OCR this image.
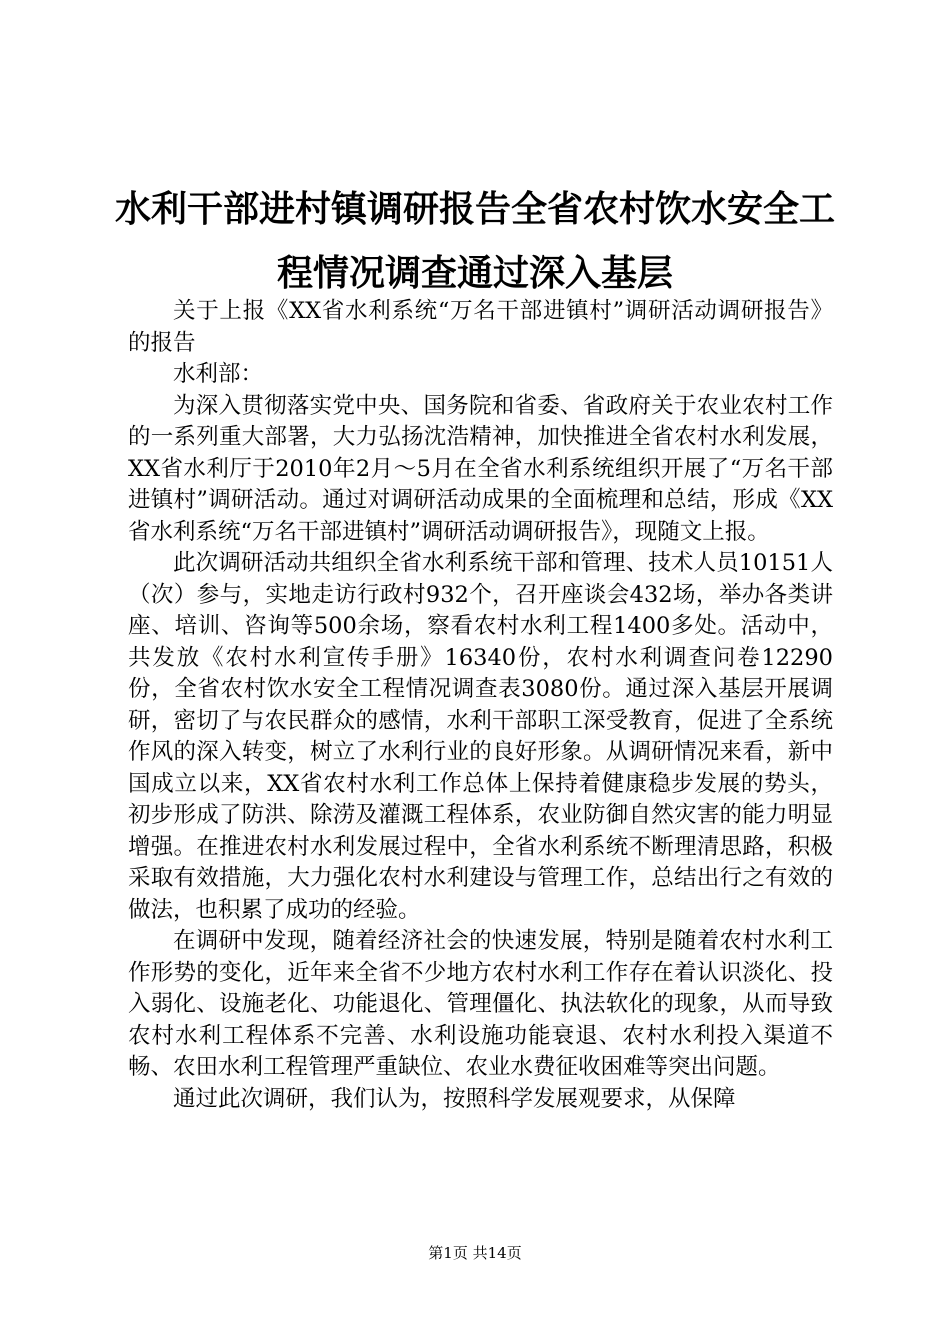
水利干部进村镇调研报告全省农村饮水安全工程情况调查通过深入基层

关于上报《XX省水利系统“万名干部进镇村”调研活动调研报告》的报告

水利部：

为深入贯彻落实党中央、国务院和省委、省政府关于农业农村工作的一系列重大部署，大力弘扬沈浩精神，加快推进全省农村水利发展，XX省水利厅于2010年2月～5月在全省水利系统组织开展了“万名干部进镇村”调研活动。通过对调研活动成果的全面梳理和总结，形成《XX省水利系统“万名干部进镇村”调研活动调研报告》，现随文上报。

此次调研活动共组织全省水利系统干部和管理、技术人员10151人（次）参与，实地走访行政村932个，召开座谈会432场，举办各类讲座、培训、咨询等500余场，察看农村水利工程1400多处。活动中，共发放《农村水利宣传手册》16340份，农村水利调查问卷12290份，全省农村饮水安全工程情况调查表3080份。通过深入基层开展调研，密切了与农民群众的感情，水利干部职工深受教育，促进了全系统作风的深入转变，树立了水利行业的良好形象。从调研情况来看，新中国成立以来，XX省农村水利工作总体上保持着健康稳步发展的势头，初步形成了防洪、除涝及灌溉工程体系，农业防御自然灾害的能力明显增强。在推进农村水利发展过程中，全省水利系统不断理清思路，积极采取有效措施，大力强化农村水利建设与管理工作，总结出行之有效的做法，也积累了成功的经验。

在调研中发现，随着经济社会的快速发展，特别是随着农村水利工作形势的变化，近年来全省不少地方农村水利工作存在着认识淡化、投入弱化、设施老化、功能退化、管理僵化、执法软化的现象，从而导致农村水利工程体系不完善、水利设施功能衰退、农村水利投入渠道不畅、农田水利工程管理严重缺位、农业水费征收困难等突出问题。

通过此次调研，我们认为，按照科学发展观要求，从保障

第1页 共14页
